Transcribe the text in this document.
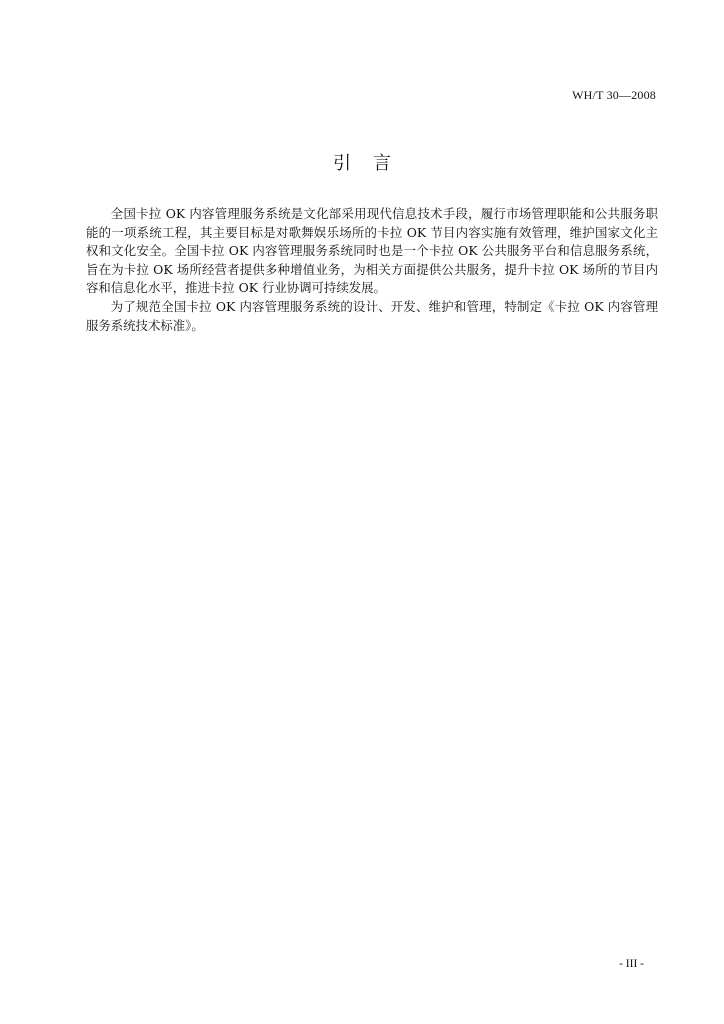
WH/T 30—2008
引言

全国卡拉 OK 内容管理服务系统是文化部采用现代信息技术手段，履行市场管理职能和公共服务职能的一项系统工程，其主要目标是对歌舞娱乐场所的卡拉 OK 节目内容实施有效管理，维护国家文化主权和文化安全。全国卡拉 OK 内容管理服务系统同时也是一个卡拉 OK 公共服务平台和信息服务系统，旨在为卡拉 OK 场所经营者提供多种增值业务，为相关方面提供公共服务，提升卡拉 OK 场所的节目内容和信息化水平，推进卡拉 OK 行业协调可持续发展。

为了规范全国卡拉 OK 内容管理服务系统的设计、开发、维护和管理，特制定《卡拉 OK 内容管理服务系统技术标准》。

- III -
